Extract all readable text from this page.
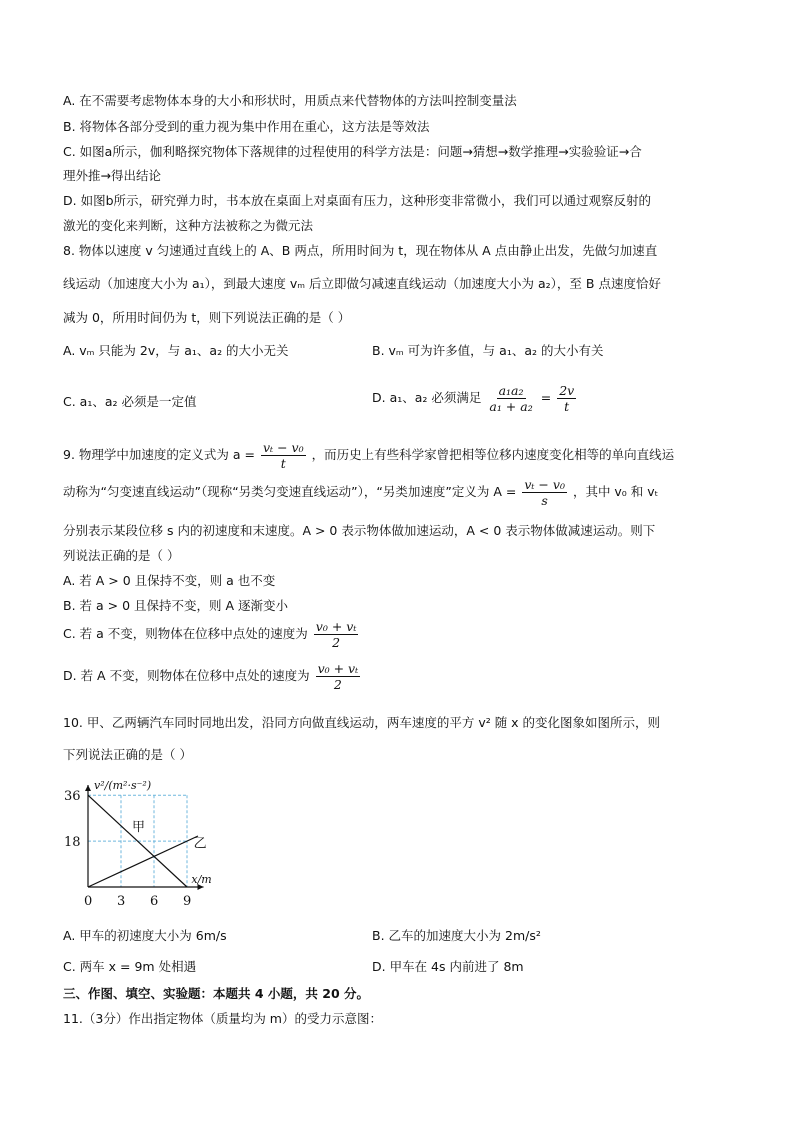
A. 在不需要考虑物体本身的大小和形状时，用质点来代替物体的方法叫控制变量法
B. 将物体各部分受到的重力视为集中作用在重心，这方法是等效法
C. 如图a所示，伽利略探究物体下落规律的过程使用的科学方法是：问题→猜想→数学推理→实验验证→合
理外推→得出结论
D. 如图b所示，研究弹力时，书本放在桌面上对桌面有压力，这种形变非常微小，我们可以通过观察反射的
激光的变化来判断，这种方法被称之为微元法
8. 物体以速度 v 匀速通过直线上的 A、B 两点，所用时间为 t，现在物体从 A 点由静止出发，先做匀加速直
线运动（加速度大小为 a₁），到最大速度 vₘ 后立即做匀减速直线运动（加速度大小为 a₂），至 B 点速度恰好
减为 0，所用时间仍为 t，则下列说法正确的是（ ）
A. vₘ 只能为 2v，与 a₁、a₂ 的大小无关	B. vₘ 可为许多值，与 a₁、a₂ 的大小有关
C. a₁、a₂ 必须是一定值	D. a₁、a₂ 必须满足 $\frac{\text{a₁a₂}}{\text{a₁ + a₂}} = \frac{2v}{t}$
9. 物理学中加速度的定义式为 $a = \frac{\text{vₜ − v₀}}{t}$ ，而历史上有些科学家曾把相等位移内速度变化相等的单向直线运
动称为“匀变速直线运动”（现称“另类匀变速直线运动”），“另类加速度”定义为 $A = \frac{\text{vₜ − v₀}}{s}$ ，其中 v₀ 和 vₜ
分别表示某段位移 s 内的初速度和末速度。A > 0 表示物体做加速运动，A < 0 表示物体做减速运动。则下
列说法正确的是（ ）
A. 若 A > 0 且保持不变，则 a 也不变
B. 若 a > 0 且保持不变，则 A 逐渐变小
C. 若 a 不变，则物体在位移中点处的速度为 $\frac{\text{v₀ + vₜ}}{2}$
D. 若 A 不变，则物体在位移中点处的速度为 $\frac{\text{v₀ + vₜ}}{2}$
10. 甲、乙两辆汽车同时同地出发，沿同方向做直线运动，两车速度的平方 v² 随 x 的变化图象如图所示，则
下列说法正确的是（ ）
甲
乙
0 3 6 9
18
36
v²/(m²·s⁻²)
x/m
A. 甲车的初速度大小为 6m/s	B. 乙车的加速度大小为 2m/s²
C. 两车 x = 9m 处相遇	D. 甲车在 4s 内前进了 8m
三、作图、填空、实验题：本题共 4 小题，共 20 分。
11.（3分）作出指定物体（质量均为 m）的受力示意图：
